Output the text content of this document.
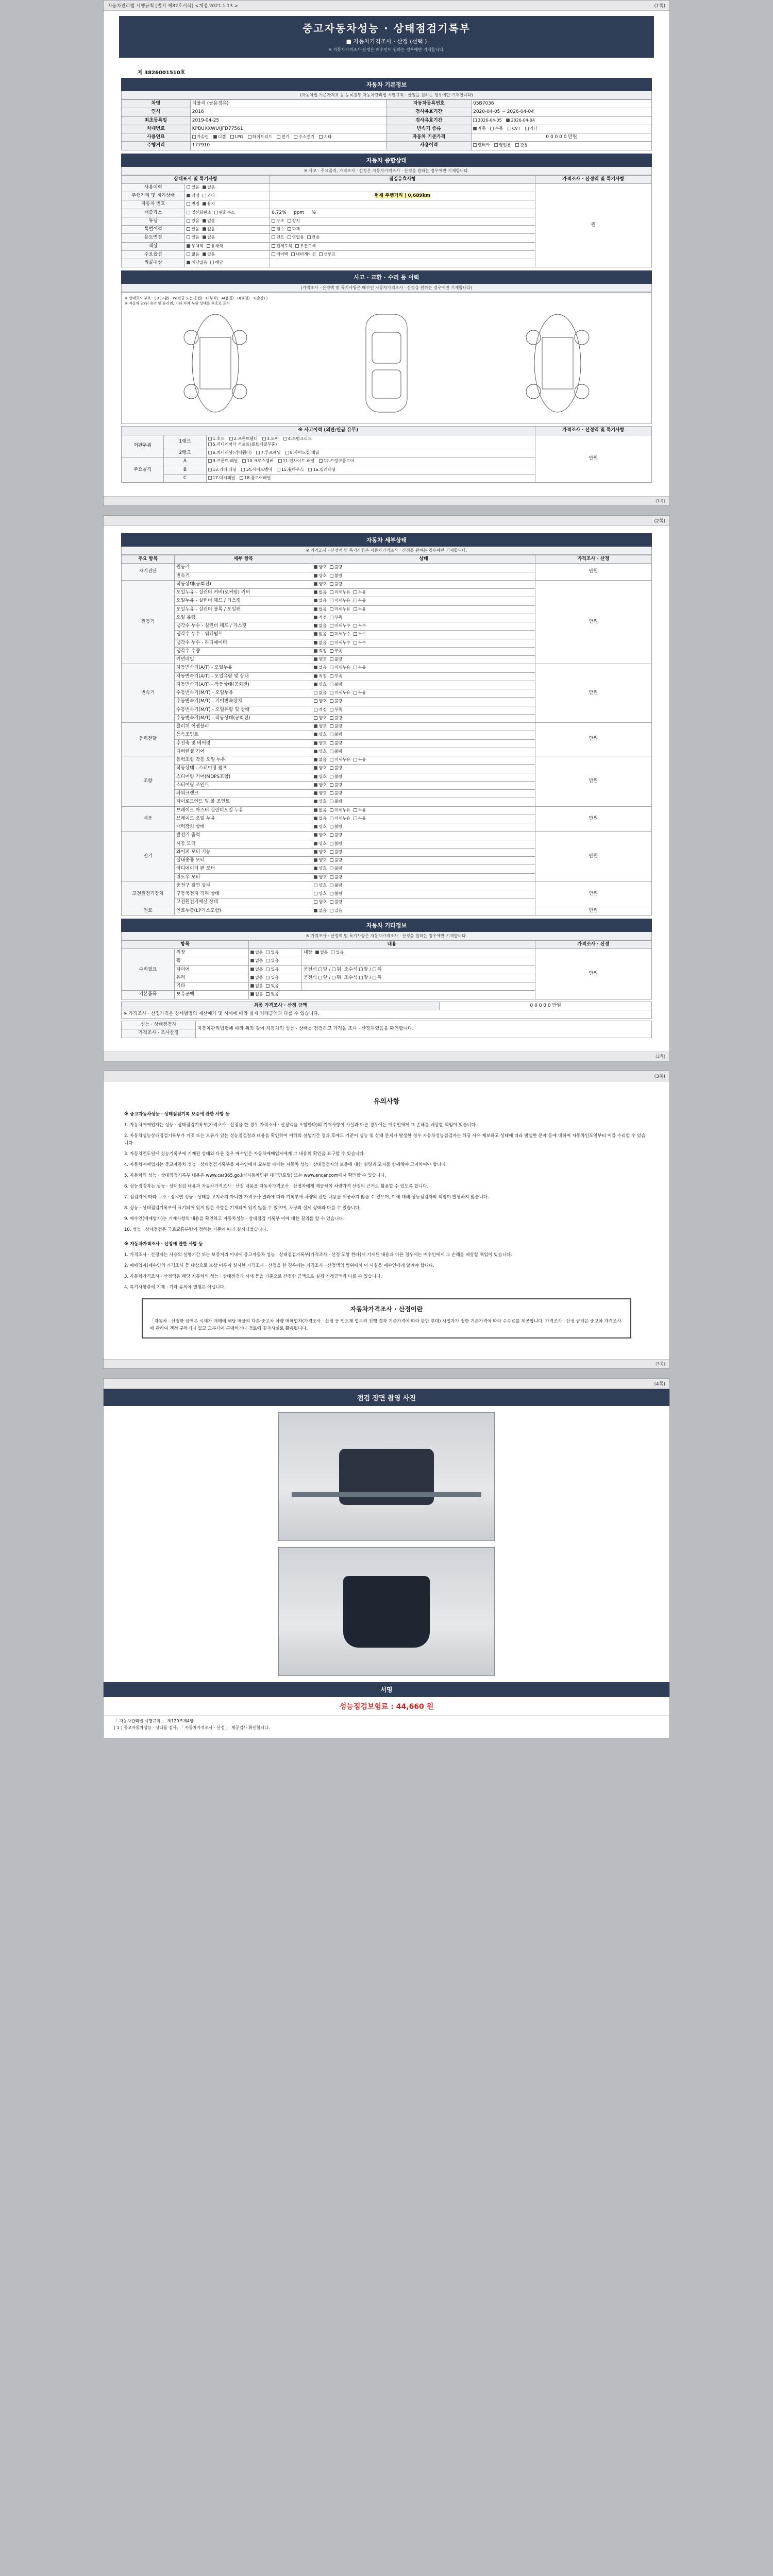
자동차관리법 시행규칙 [별지 제82호서식] <개정 2021.1.13.>	(1쪽)
중고자동차성능 · 상태점검기록부
■ 자동차가격조사 · 산정 (선택 )
※ 자동차가격조사·산정은 매수인이 원하는 경우에만 기재합니다.
제 3826001510호
자동차 기본정보
(자동차법 기준가격표 등 등록원부 자동차관리법 시행규칙 · 산정을 원하는 경우에만 기재합니다)
차명	티볼리 (쌍용경유)	자동차등록번호	05B7036
연식	2016	검사유효기간	2020-04-05 ~ 2026-04-04
최초등록일	2019-04-25	검사유효기간	2026-04-05 2026-04-04
차대번호	KPBUXXWU(JFD77561	변속기 종류	자동 수동 CVT 기타
사용연료	가솔린 디젤 LPG 하이브리드 전기 수소전기 기타	자동차 기준가격	0 0 0 0 0 만원
주행거리	177910	사용이력	렌터카 영업용 관용
자동차 종합상태
※ 사고 · 주요골격, 가격조사 · 산정은 자동차가격조사 · 산정을 원하는 경우에만 기재합니다.
상태표시 및 특기사항		점검유효사항	가격조사 · 산정액 및 특기사항
사용이력	있음 없음		원
주행거리 및 계기상태	적정 과다	현재 주행거리 | 0,689km	
자동차 번호	변경 유지		
배출가스	일산화탄소 탄화수소	0.72%     ppm     %	
튜닝	있음 없음	구조 장치	
특별이력	있음 없음	침수 화재	
용도변경	있음 없음	렌트 영업용 관용	
색상	무채색 유채색	전체도색 부분도색	
주요옵션	없음 있음	에어백 내비게이션 선루프	
리콜대상	해당없음 해당		
사고 · 교환 · 수리 등 이력
(가격조사 · 산정액 및 특기사항은 매수인 자동차가격조사 · 산정을 원하는 경우에만 기재합니다)
※ 상태표시 부호 : ( X(교환) · W(판금 또는 용접) · C(부식) · A(흠집) · U(요철) · T(손상) )
※ 자동차 앞/뒤 유리 및 유리면, 기타 차체 부위 상태를 부호로 표시
※ 사고이력 (외판/판금 유무)			가격조사 · 산정액 및 특기사항
외판부위	1랭크	1.후드 2.프론트휀더 3.도어 4.트렁크리드
5.라디에이터 서포트(볼트체결부품)	만원
	2랭크	6.쿼터패널(리어휀더) 7.루프패널 8.사이드실 패널	
주요골격	A	9.프론트 패널 10.크로스멤버 11.인사이드 패널 12.트렁크플로어	
	B	13.리어 패널 14.사이드멤버 15.휠하우스 16.필러패널	
	C	17.대시패널 18.플로어패널	
(1쪽)
(2쪽)
자동차 세부상태
※ 가격조사 · 산정액 및 특기사항은 자동차가격조사 · 산정을 원하는 경우에만 기재합니다.
주요 항목	세부 항목	상태	가격조사 · 산정
자기진단	원동기	양호 불량	만원
	변속기	양호 불량	
원동기	작동상태(공회전)	양호 불량	만원
	오일누유 - 실린더 커버(로커암) 커버	없음 미세누유 누유	
	오일누유 - 실린더 헤드 / 가스킷	없음 미세누유 누유	
	오일누유 - 실린더 블록 / 오일팬	없음 미세누유 누유	
	오일 유량	적정 부족	
	냉각수 누수 - 실린더 헤드 / 가스킷	없음 미세누수 누수	
	냉각수 누수 - 워터펌프	없음 미세누수 누수	
	냉각수 누수 - 라디에이터	없음 미세누수 누수	
	냉각수 수량	적정 부족	
	커먼레일	양호 불량	
변속기	자동변속기(A/T) - 오일누유	없음 미세누유 누유	만원
	자동변속기(A/T) - 오일유량 및 상태	적정 부족	
	자동변속기(A/T) - 작동상태(공회전)	양호 불량	
	수동변속기(M/T) - 오일누유	없음 미세누유 누유	
	수동변속기(M/T) - 기어변속장치	양호 불량	
	수동변속기(M/T) - 오일유량 및 상태	적정 부족	
	수동변속기(M/T) - 작동상태(공회전)	양호 불량	
동력전달	클러치 어셈블리	양호 불량	만원
	등속조인트	양호 불량	
	추진축 및 베어링	양호 불량	
	디퍼렌셜 기어	양호 불량	
조향	동력조향 작동 오일 누유	없음 미세누유 누유	만원
	작동상태 - 스티어링 펌프	양호 불량	
	스티어링 기어(MDPS포함)	양호 불량	
	스티어링 조인트	양호 불량	
	파워크랭크	양호 불량	
	타이로드엔드 및 볼 조인트	양호 불량	
제동	브레이크 마스터 실린더오일 누유	없음 미세누유 누유	만원
	브레이크 오일 누유	없음 미세누유 누유	
	배력장치 상태	양호 불량	
전기	발전기 출력	양호 불량	만원
	시동 모터	양호 불량	
	와이퍼 모터 기능	양호 불량	
	실내송풍 모터	양호 불량	
	라디에이터 팬 모터	양호 불량	
	윈도우 모터	양호 불량	
고전원전기장치	충전구 절연 상태	양호 불량	만원
	구동축전지 격리 상태	양호 불량	
	고전원전기배선 상태	양호 불량	
연료	연료누출(LP가스포함)	없음 있음	만원
자동차 기타정보
※ 가격조사 · 산정액 및 특기사항은 자동차가격조사 · 산정을 원하는 경우에만 기재합니다.
항목		내용		가격조사 · 산정
수리필요	외장	없음 있음	내장  없음 있음	만원
	휠	없음 있음		
	타이어	없음 있음	운전석 앞 / 뒤  조수석 앞 / 뒤	
	유리	없음 있음	운전석 앞 / 뒤  조수석 앞 / 뒤	
	기타	없음 있음		
기본품목	보유공백	없음 있음		
최종 가격조사 · 산정 금액	0 0 0 0 0 만원
※ 가격조사 · 산정가격은 상세별명의 재산매가 및 시세에 따라 실제 거래금액과 다를 수 있습니다.
성능 · 상태점검자	자동차관리법령에 따라 위와 같이 자동차의 성능 · 상태를 점검하고 가격을 조사 · 산정하였음을 확인합니다.
가격조사 · 조사산정
(2쪽)
(3쪽)
유의사항

※ 중고자동차성능 · 상태점검기록 보증에 관한 사항 등

1. 자동차매매업자는 성능 · 상태점검기록부(가격조사 · 산정을 한 경우 가격조사 · 산정액을 포함한다)의 기재사항이 사실과 다른 경우에는 매수인에게 그 손해를 배상할 책임이 있습니다.

2. 자동차성능상태점검기록부가 거짓 또는 오류가 있는 성능점검결과 내용을 확인하여 이해의 실행기간 경과 후에도 기준이 성능 및 상태 문제가 발생한 경우 자동차성능점검자는 해당 사유 제보하고 상태에 따라 발생한 문제 등에 대하여 자동차인도일부터 이를 수리할 수 있습니다.

3. 자동차인도일에 성능기록부에 기재된 상태와 다른 경우 매수인은 자동차매매업자에게 그 내용의 확인을 요구할 수 있습니다.

4. 자동차매매업자는 중고자동차 성능 · 상태점검기록부를 매수인에게 교부할 때에는 자동차 성능 · 상태점검자의 보증에 대한 설명과 고지를 함께해야 고지하여야 합니다.

5. 자동차의 성능 · 상태점검기록부 내용은 www.car365.go.kr(자동차민원 대국민포털) 또는 www.encar.com에서 확인할 수 있습니다.

6. 성능점검자는 성능 · 상태점검 내용과 자동차가격조사 · 산정 내용을 자동차가격조사 · 산정자에게 제공하여 차량가격 산정의 근거로 활용할 수 있도록 합니다.

7. 점검자에 따라 구조 · 장치별 성능 · 상태를 고지하지 아니한 가격조사 결과에 따라 기록부에 차량의 판단 내용을 제공하지 않을 수 있으며, 이에 대해 성능점검자의 책임이 발생하지 않습니다.

8. 성능 · 상태점검기록부에 표기되어 있지 않은 사항은 기재되어 있지 않을 수 있으며, 차량의 실제 상태와 다를 수 있습니다.

9. 매수인(매매업자)는 기재사항의 내용을 확인하고 자동차성능 · 상태점검 기록부 이에 대한 질의를 할 수 있습니다.

10. 성능 · 상태점검은 국토교통부령이 정하는 기준에 따라 실시되었습니다.

※ 자동차가격조사 · 산정에 관한 사항 등

1. 가격조사 · 산정자는 사용의 실행기간 또는 보증거리 이내에 중고자동차 성능 · 상태점검기록부(가격조사 · 산정 포함 한다)에 기재된 내용과 다른 경우에는 매수인에게 그 손해를 배상할 책임이 있습니다.

2. 매매업자(매수인의 가격조사 등 대상으로 보상 이루어 실시한 가격조사 · 산정을 한 경우에는 가격조사 · 산정액의 범위에서 이 사실을 매수인에게 알려야 합니다.

3. 자동차가격조사 · 산정액은 해당 자동차의 성능 · 상태점검과 시세 등을 기준으로 산정한 금액으로 실제 거래금액과 다를 수 있습니다.

4. 특기사항란에 기재 · 기타 유의에 별첨은 아닙니다.

자동차가격조사 · 산정이란
「자동차 · 산정한 금액은 시세가 매매에 해당 매물의 다른 중고차 차량 매매업자(가격조사 · 산정 등 인도계 업무의 진행 결과 기준가격에 따라 판단 부대) 사업자가 정한 기준가격에 따라 수수료를 제공합니다. 가격조사 · 산정 금액은 중고차 가격조사에 관하여 책정 구하거나 없고 교부되어 구매하거나 검토에 결과사실로 활용됩니다.
(3쪽)
(4쪽)
점검 장면 촬영 사진
서명
성능점검보험료 : 44,660 원
「 자동차관리법 시행규칙 」 제120조제4항
[ 1 ] 중고자동차성능 · 상태를 검사, 「 자동차가격조사 · 산정 」 제공검사 확인합니다.
